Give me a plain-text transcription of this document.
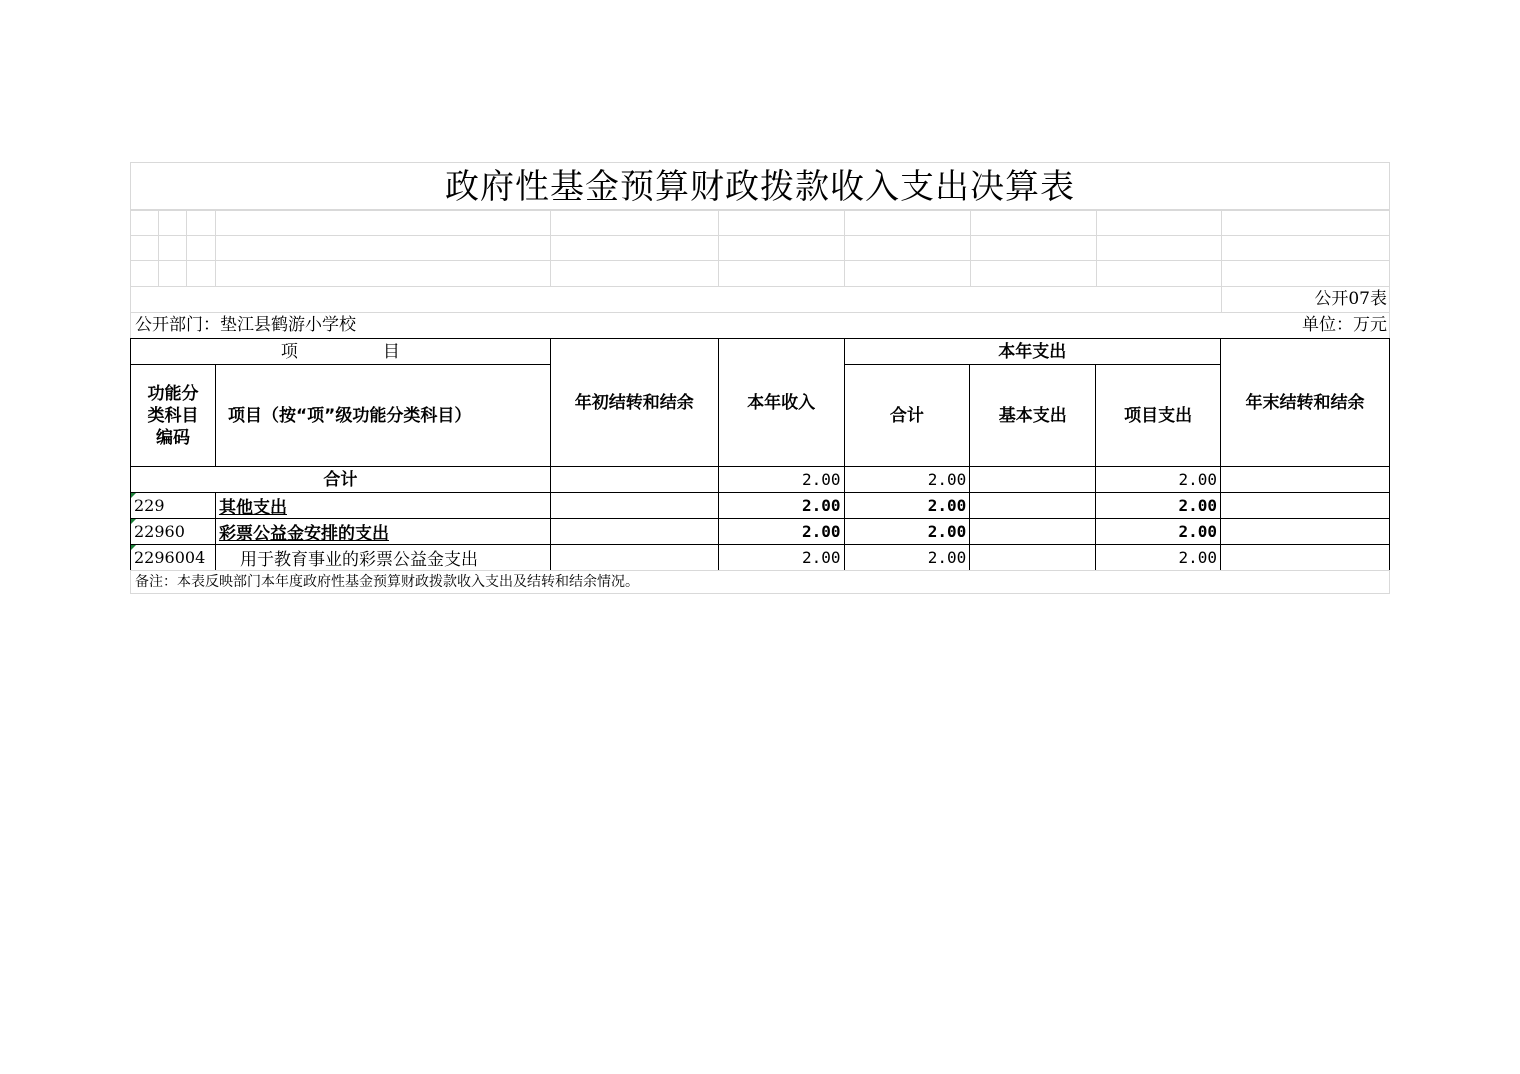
政府性基金预算财政拨款收入支出决算表
公开07表
公开部门：垫江县鹤游小学校	单位：万元
项　　　　　目		年初结转和结余	本年收入	本年支出			年末结转和结余
功能分类科目编码	项目（按“项”级功能分类科目）			合计	基本支出	项目支出	
合计			2.00	2.00		2.00	

229	其他支出		2.00	2.00		2.00	

22960	彩票公益金安排的支出		2.00	2.00		2.00	

2296004	用于教育事业的彩票公益金支出		2.00	2.00		2.00	
备注：本表反映部门本年度政府性基金预算财政拨款收入支出及结转和结余情况。
